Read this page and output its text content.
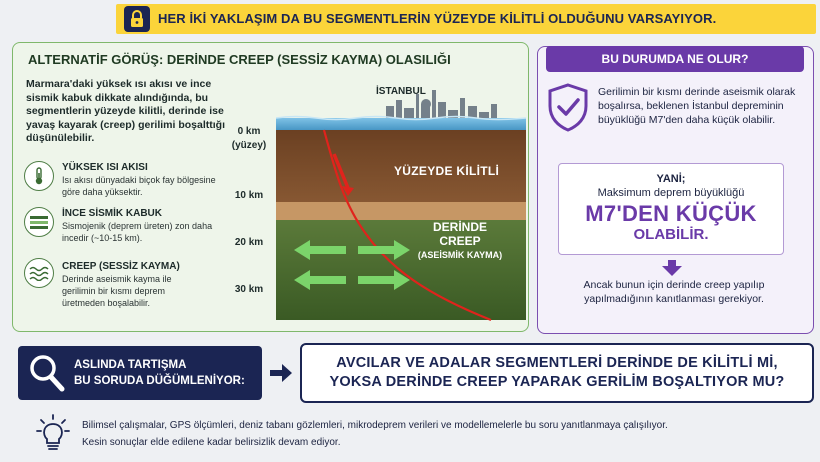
HER İKİ YAKLAŞIM DA BU SEGMENTLERİN YÜZEYDE KİLİTLİ OLDUĞUNU VARSAYIYOR.
ALTERNATİF GÖRÜŞ: DERİNDE CREEP (SESSİZ KAYMA) OLASILIĞI
Marmara'daki yüksek ısı akısı ve ince sismik kabuk dikkate alındığında, bu segmentlerin yüzeyde kilitli, derinde ise yavaş kayarak (creep) gerilimi boşalttığı düşünülebilir.
YÜKSEK ISI AKISI
Isı akısı dünyadaki biçok fay bölgesine göre daha yüksektir.
İNCE SİSMİK KABUK
Sismojenik (deprem üreten) zon daha incedir (~10-15 km).
CREEP (SESSİZ KAYMA)
Derinde aseismik kayma ile gerilimin bir kısmı deprem üretmeden boşalabilir.
0 km
(yüzey)
10 km
20 km
30 km
İSTANBUL
YÜZEYDE KİLİTLİ
DERİNDE
CREEP
(ASEİSMİK KAYMA)
BU DURUMDA NE OLUR?
Gerilimin bir kısmı derinde aseismik olarak boşalırsa, beklenen İstanbul depreminin büyüklüğü M7'den daha küçük olabilir.
YANİ;
Maksimum deprem büyüklüğü
M7'DEN KÜÇÜK
OLABİLİR.
Ancak bunun için derinde creep yapılıp yapılmadığının kanıtlanması gerekiyor.
ASLINDA TARTIŞMA
BU SORUDA DÜĞÜMLENİYOR:
AVCILAR VE ADALAR SEGMENTLERİ DERİNDE DE KİLİTLİ Mİ,
YOKSA DERİNDE CREEP YAPARAK GERİLİM BOŞALTIYOR MU?
Bilimsel çalışmalar, GPS ölçümleri, deniz tabanı gözlemleri, mikrodeprem verileri ve modellemelerle bu soru yanıtlanmaya çalışılıyor.
Kesin sonuçlar elde edilene kadar belirsizlik devam ediyor.
